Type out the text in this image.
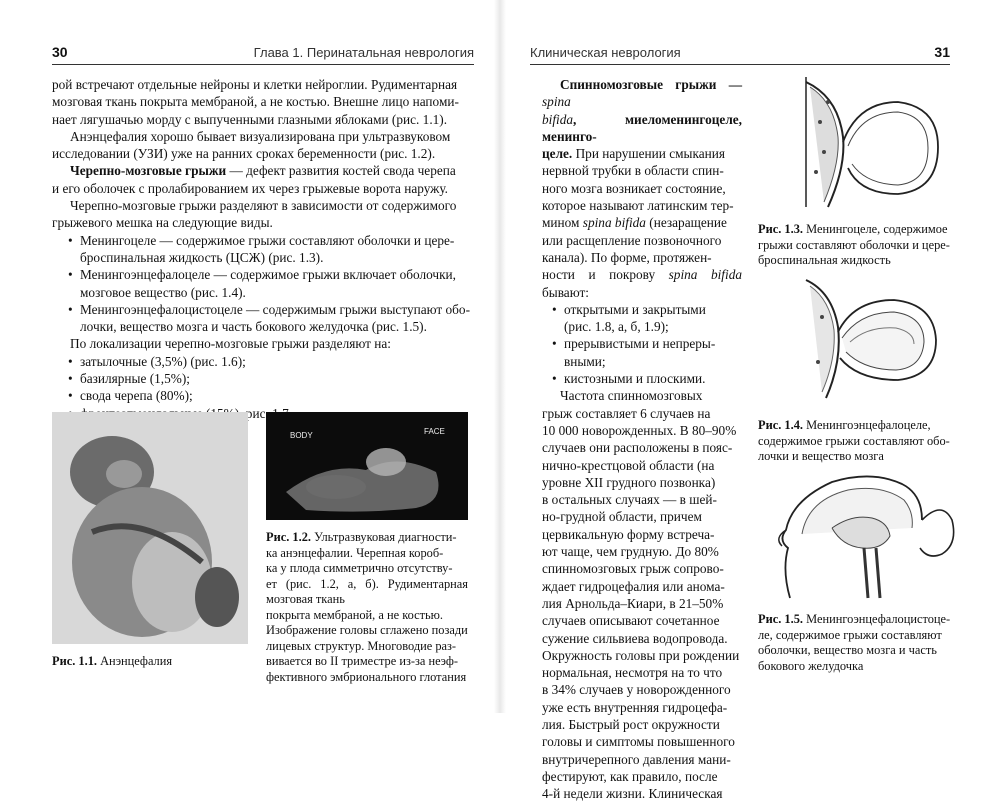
30	Глава 1. Перинатальная неврология

рой встречают отдельные нейроны и клетки нейроглии. Рудиментарная

мозговая ткань покрыта мембраной, а не костью. Внешне лицо напоми-

нает лягушачью морду с выпученными глазными яблоками (рис. 1.1).

Анэнцефалия хорошо бывает визуализирована при ультразвуковом

исследовании (УЗИ) уже на ранних сроках беременности (рис. 1.2).

Черепно-мозговые грыжи — дефект развития костей свода черепа

и его оболочек с пролабированием их через грыжевые ворота наружу.

Черепно-мозговые грыжи разделяют в зависимости от содержимого

грыжевого мешка на следующие виды.

• Менингоцеле — содержимое грыжи составляют оболочки и цере-
броспинальная жидкость (ЦСЖ) (рис. 1.3).
• Менингоэнцефалоцеле — содержимое грыжи включает оболочки,
мозговое вещество (рис. 1.4).
• Менингоэнцефалоцистоцеле — содержимым грыжи выступают обо-
лочки, вещество мозга и часть бокового желудочка (рис. 1.5).

По локализации черепно-мозговые грыжи разделяют на:

• затылочные (3,5%) (рис. 1.6);
• базилярные (1,5%);
• свода черепа (80%);
• рис.
Рис. 1.1. Анэнцефалия
BODY	FACE
Рис. 1.2. Ультразвуковая диагности-
ка анэнцефалии. Черепная короб-
ка у плода симметрично отсутству-
ет (рис. 1.2, а, б). Рудиментарная мозговая ткань
покрыта мембраной, а не костью.
Изображение головы сглажено позади
лицевых структур. Многоводие раз-
вивается во II триместре из-за неэф-
фективного эмбрионального глотания
Клиническая неврология	31

Спинномозговые грыжи — spina

bifida, миеломенингоцеле, менинго-

целе. При нарушении смыкания

нервной трубки в области спин-

ного мозга возникает состояние,

которое называют латинским тер-

мином spina bifida (незаращение

или расщепление позвоночного

канала). По форме, протяжен-

ности и покрову spina bifida бывают:

• открытыми и закрытыми
(рис. 1.8, а, б, 1.9);
• прерывистыми и непреры-
вными;
• кистозными и плоскими.

Частота спинномозговых

грыж составляет 6 случаев на

10 000 новорожденных. В 80–90%

случаев они расположены в пояс-

нично-крестцовой области (на

уровне XII грудного позвонка)

в остальных случаях — в шей-

но-грудной области, причем

цервикальную форму встреча-

ют чаще, чем грудную. До 80%

спинномозговых грыж сопрово-

ждает гидроцефалия или анома-

лия Арнольда–Киари, в 21–50%

случаев описывают сочетанное

сужение сильвиева водопровода.

Окружность головы при рождении

нормальная, несмотря на то что

в 34% случаев у новорожденного

уже есть внутренняя гидроцефа-

лия. Быстрый рост окружности

головы и симптомы повышенного

внутричерепного давления мани-

фестируют, как правило, после

4-й недели жизни. Клиническая

Рис. 1.3. Менингоцеле, содержимое
грыжи составляют оболочки и цере-
броспинальная жидкость
Рис. 1.4. Менингоэнцефалоцеле,
содержимое грыжи составляют обо-
лочки и вещество мозга
Рис. 1.5. Менингоэнцефалоцистоце-
ле, содержимое грыжи составляют
оболочки, вещество мозга и часть
бокового желудочка
